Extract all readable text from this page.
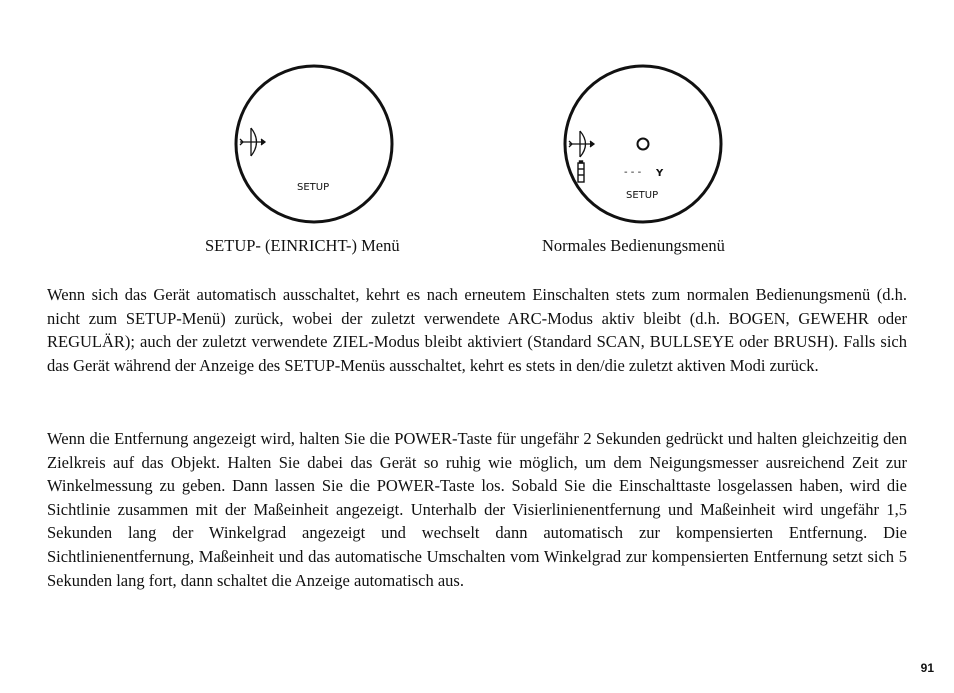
SETUP
- - - Y
SETUP
SETUP- (EINRICHT-) Menü	Normales Bedienungsmenü

Wenn sich das Gerät automatisch ausschaltet, kehrt es nach erneutem Einschalten stets zum normalen Bedienungsmenü (d.h. nicht zum SETUP-Menü) zurück, wobei der zuletzt verwendete ARC-Modus aktiv bleibt (d.h. BOGEN, GEWEHR oder REGULÄR); auch der zuletzt verwendete ZIEL-Modus bleibt aktiviert (Standard SCAN, BULLSEYE oder BRUSH). Falls sich das Gerät während der Anzeige des SETUP-Menüs ausschaltet, kehrt es stets in den/die zuletzt aktiven Modi zurück.

Wenn die Entfernung angezeigt wird, halten Sie die POWER-Taste für ungefähr 2 Sekunden gedrückt und halten gleichzeitig den Zielkreis auf das Objekt. Halten Sie dabei das Gerät so ruhig wie möglich, um dem Neigungsmesser ausreichend Zeit zur Winkelmessung zu geben. Dann lassen Sie die POWER-Taste los. Sobald Sie die Einschalttaste losgelassen haben, wird die Sichtlinie zusammen mit der Maßeinheit angezeigt. Unterhalb der Visierlinienentfernung und Maßeinheit wird ungefähr 1,5 Sekunden lang der Winkelgrad angezeigt und wechselt dann automatisch zur kompensierten Entfernung. Die Sichtlinienentfernung, Maßeinheit und das automatische Umschalten vom Winkelgrad zur kompensierten Entfernung setzt sich 5 Sekunden lang fort, dann schaltet die Anzeige automatisch aus.

91
